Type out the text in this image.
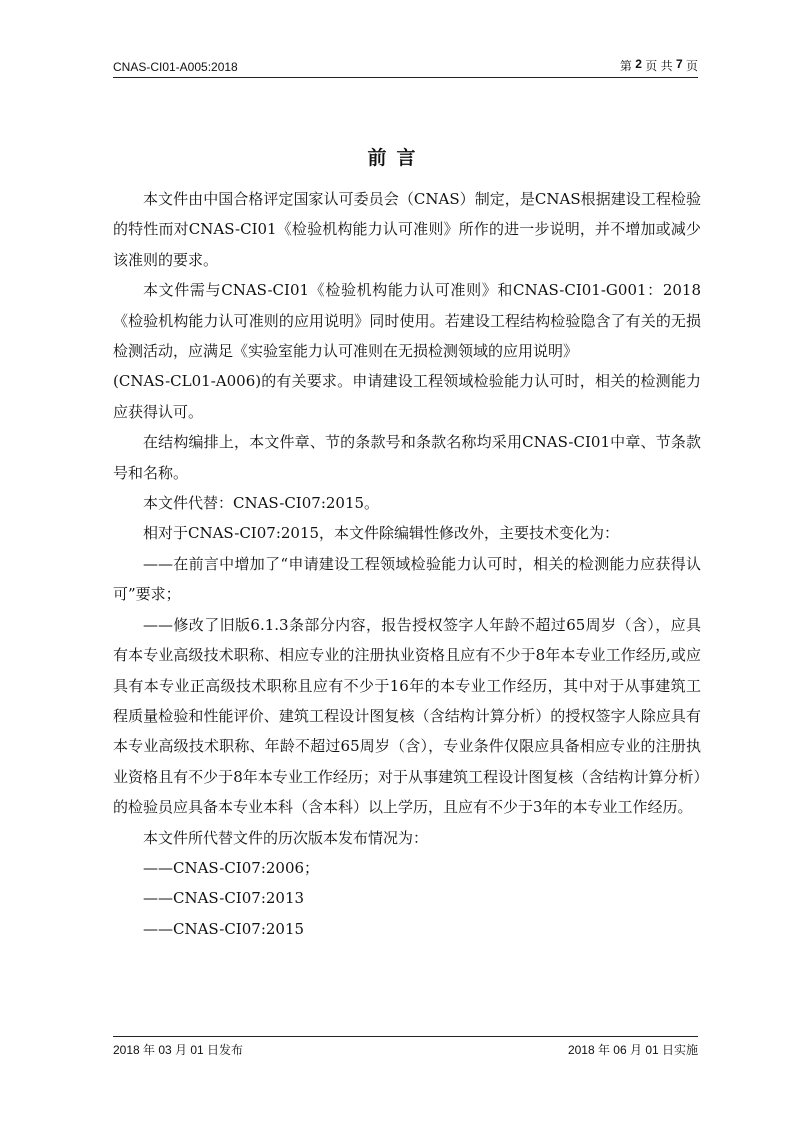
CNAS-CI01-A005:2018	第
2
页
共
7
页
前言

本文件由中国合格评定国家认可委员会（CNAS）制定，是CNAS根据建设工程检验的特性而对CNAS-CI01《检验机构能力认可准则》所作的进一步说明，并不增加或减少该准则的要求。

本文件需与CNAS-CI01《检验机构能力认可准则》和CNAS-CI01-G001：2018《检验机构能力认可准则的应用说明》同时使用。若建设工程结构检验隐含了有关的无损检测活动，应满足《实验室能力认可准则在无损检测领域的应用说明》

(CNAS-CL01-A006)的有关要求。申请建设工程领域检验能力认可时，相关的检测能力应获得认可。

在结构编排上，本文件章、节的条款号和条款名称均采用CNAS-CI01中章、节条款号和名称。

本文件代替：CNAS-CI07:2015。

相对于CNAS-CI07:2015，本文件除编辑性修改外，主要技术变化为：

——在前言中增加了“申请建设工程领域检验能力认可时，相关的检测能力应获得认可”要求；

——修改了旧版6.1.3条部分内容，报告授权签字人年龄不超过65周岁（含），应具有本专业高级技术职称、相应专业的注册执业资格且应有不少于8年本专业工作经历,或应具有本专业正高级技术职称且应有不少于16年的本专业工作经历，其中对于从事建筑工程质量检验和性能评价、建筑工程设计图复核（含结构计算分析）的授权签字人除应具有本专业高级技术职称、年龄不超过65周岁（含），专业条件仅限应具备相应专业的注册执业资格且有不少于8年本专业工作经历；对于从事建筑工程设计图复核（含结构计算分析）的检验员应具备本专业本科（含本科）以上学历，且应有不少于3年的本专业工作经历。

本文件所代替文件的历次版本发布情况为：

——CNAS-CI07:2006；

——CNAS-CI07:2013

——CNAS-CI07:2015

2018 年 03 月 01 日发布	2018 年 06 月 01 日实施
